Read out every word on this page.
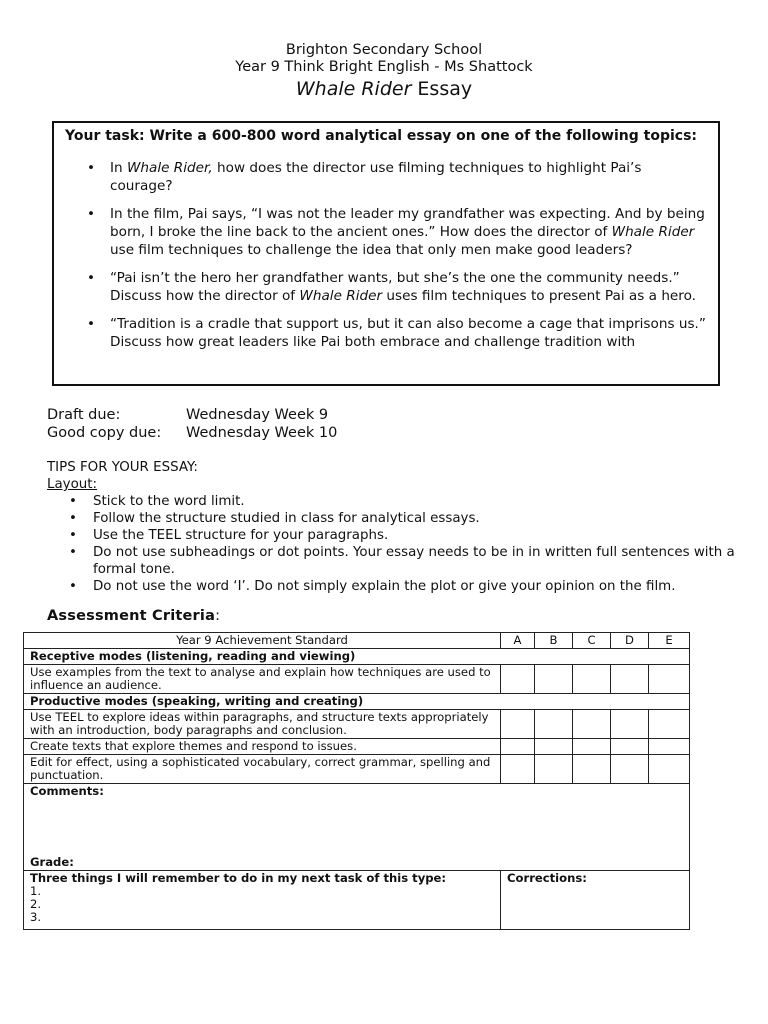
Brighton Secondary School
Year 9 Think Bright English - Ms Shattock
Whale Rider Essay
Your task: Write a 600-800 word analytical essay on one of the following topics:
• In Whale Rider, how does the director use filming techniques to highlight Pai’s courage?
• In the film, Pai says, “I was not the leader my grandfather was expecting. And by being born, I broke the line back to the ancient ones.” How does the director of Whale Rider use film techniques to challenge the idea that only men make good leaders?
• “Pai isn’t the hero her grandfather wants, but she’s the one the community needs.” Discuss how the director of Whale Rider uses film techniques to present Pai as a hero.
• “Tradition is a cradle that support us, but it can also become a cage that imprisons us.” Discuss how great leaders like Pai both embrace and challenge tradition with
Draft due:	Wednesday Week 9
Good copy due:	Wednesday Week 10
TIPS FOR YOUR ESSAY:
Layout:
• Stick to the word limit.
• Follow the structure studied in class for analytical essays.
• Use the TEEL structure for your paragraphs.
• Do not use subheadings or dot points. Your essay needs to be in in written full sentences with a formal tone.
• Do not use the word ‘I’. Do not simply explain the plot or give your opinion on the film.
Assessment Criteria:
Year 9 Achievement Standard	A	B	C	D	E
Receptive modes (listening, reading and viewing)					
Use examples from the text to analyse and explain how techniques are used to influence an audience.					
Productive modes (speaking, writing and creating)					
Use TEEL to explore ideas within paragraphs, and structure texts appropriately with an introduction, body paragraphs and conclusion.					
Create texts that explore themes and respond to issues.					
Edit for effect, using a sophisticated vocabulary, correct grammar, spelling and punctuation.					

Comments:
Grade:					

Three things I will remember to do in my next task of this type:
1.
2.
3.	Corrections:				
